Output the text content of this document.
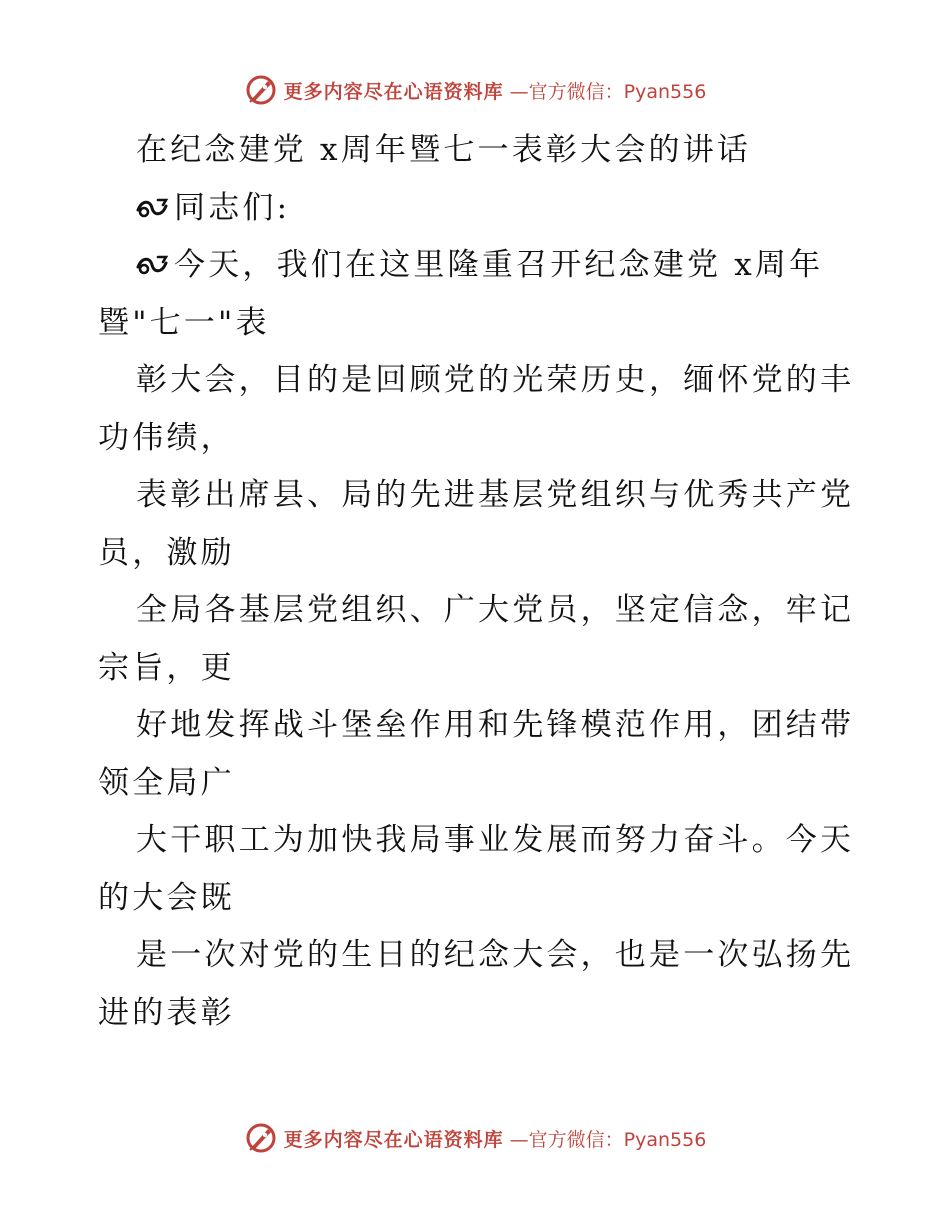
更多内容尽在心语资料库 —官方微信：Pyan556
在纪念建党 x周年暨七一表彰大会的讲话
同志们:
今天，我们在这里隆重召开纪念建党 x周年
暨"七一"表
彰大会，目的是回顾党的光荣历史，缅怀党的丰
功伟绩，
表彰出席县、局的先进基层党组织与优秀共产党
员，激励
全局各基层党组织、广大党员，坚定信念，牢记
宗旨，更
好地发挥战斗堡垒作用和先锋模范作用，团结带
领全局广
大干职工为加快我局事业发展而努力奋斗。今天
的大会既
是一次对党的生日的纪念大会，也是一次弘扬先
进的表彰
更多内容尽在心语资料库 —官方微信：Pyan556
